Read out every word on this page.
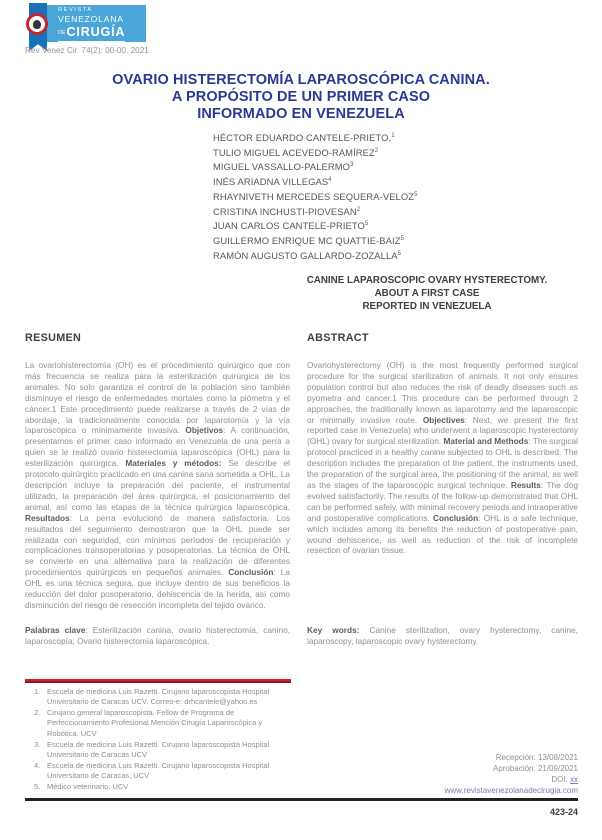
REVISTA
VENEZOLANA
DECIRUGÍA
Rev Venez Cir. 74(2): 00-00. 2021
OVARIO HISTERECTOMÍA LAPAROSCÓPICA CANINA.
A PROPÓSITO DE UN PRIMER CASO
INFORMADO EN VENEZUELA
HÉCTOR EDUARDO CANTELE-PRIETO,$^1$
TULIO MIGUEL ACEVEDO-RAMÍREZ$^2$
MIGUEL VASSALLO-PALERMO$^3$
INÉS ARIADNA VILLEGAS$^4$
RHAYNIVETH MERCEDES SEQUERA-VELOZ$^5$
CRISTINA INCHUSTI-PIOVESAN$^2$
JUAN CARLOS CANTELE-PRIETO$^5$
GUILLERMO ENRIQUE MC QUATTIE-BAIZ$^5$
RAMÓN AUGUSTO GALLARDO-ZOZALLA$^5$
CANINE LAPAROSCOPIC OVARY HYSTERECTOMY.
ABOUT A FIRST CASE
REPORTED IN VENEZUELA
RESUMEN

La ovariohisterectomía (OH) es el procedimiento quirúrgico que con más frecuencia se realiza para la esterilización quirúrgica de los animales. No solo garantiza el control de la población sino también disminuye el riesgo de enfermedades mortales como la piómetra y el cáncer.1 Este procedimiento puede realizarse a través de 2 vías de abordaje, la tradicionalmente conocida por laparotomía y la vía laparoscópica o mínimamente invasiva. Objetivos: A continuación, presentamos el primer caso informado en Venezuela de una perra a quien se le realizó ovario histerectomía laparoscópica (OHL) para la esterilización quirúrgica. Materiales y métodos: Se describe el protocolo quirúrgico practicado en una canina sana sometida a OHL. La descripción incluye la preparación del paciente, el instrumental utilizado, la preparación del área quirúrgica, el posicionamiento del animal, así como las etapas de la técnica quirúrgica laparoscópica. Resultados: La perra evolucionó de manera satisfactoria. Los resultados del seguimiento demostraron que la OHL puede ser realizada con seguridad, con mínimos períodos de recuperación y complicaciones transoperatorias y posoperatorias. La técnica de OHL se convierte en una alternativa para la realización de diferentes procedimientos quirúrgicos en pequeños animales. Conclusión: La OHL es una técnica segura, que incluye dentro de sus beneficios la reducción del dolor posoperatorio, dehiscencia de la herida, así como disminución del riesgo de resección incompleta del tejido ovárico.

Palabras clave: Esterilización canina, ovario histerectomía, canino, laparoscopía, Ovario histerectomía laparoscópica.

ABSTRACT

Ovariohysterectomy (OH) is the most frequently performed surgical procedure for the surgical sterilization of animals. It not only ensures population control but also reduces the risk of deadly diseases such as pyometra and cancer.1 This procedure can be performed through 2 approaches, the traditionally known as laparotomy and the laparoscopic or minimally invasive route. Objectives: Next, we present the first reported case in Venezuela) who underwent a laparoscopic hysterectomy (OHL) ovary for surgical sterilization. Material and Methods: The surgical protocol practiced in a healthy canine subjected to OHL is described. The description includes the preparation of the patient, the instruments used, the preparation of the surgical area, the positioning of the animal, as well as the stages of the laparoscopic surgical technique. Results: The dog evolved satisfactorily. The results of the follow-up demonstrated that OHL can be performed safely, with minimal recovery periods and intraoperative and postoperative complications. Conclusión: OHL is a safe technique, which includes among its benefits the reduction of postoperative pain, wound dehiscence, as well as reduction of the risk of incomplete resection of ovarian tissue.

Key words: Canine sterilization, ovary hysterectomy, canine, laparoscopy, laparoscopic ovary hysterectomy.

1. Escuela de medicina Luis Razetti. Cirujano laparoscopista Hospital Universitario de Caracas UCV. Correo-e: drhcantele@yahoo.es
2. Cirujano general laparoscopista. Fellow de Programa de Perfeccionamiento Profesional Mención Cirugía Laparoscópica y Robótica. UCV
3. Escuela de medicina Luis Razetti. Cirujano laparoscopista Hospital Universitario de Caracas UCV
4. Escuela de medicina Luis Razetti. Cirujano laparoscopista Hospital Universitario de Caracas, UCV
5. Médico veterinario, UCV
Recepción: 13/08/2021
Aprobación: 21/09/2021
DOI: xx
www.revistavenezolanadecirugia.com
423-24
